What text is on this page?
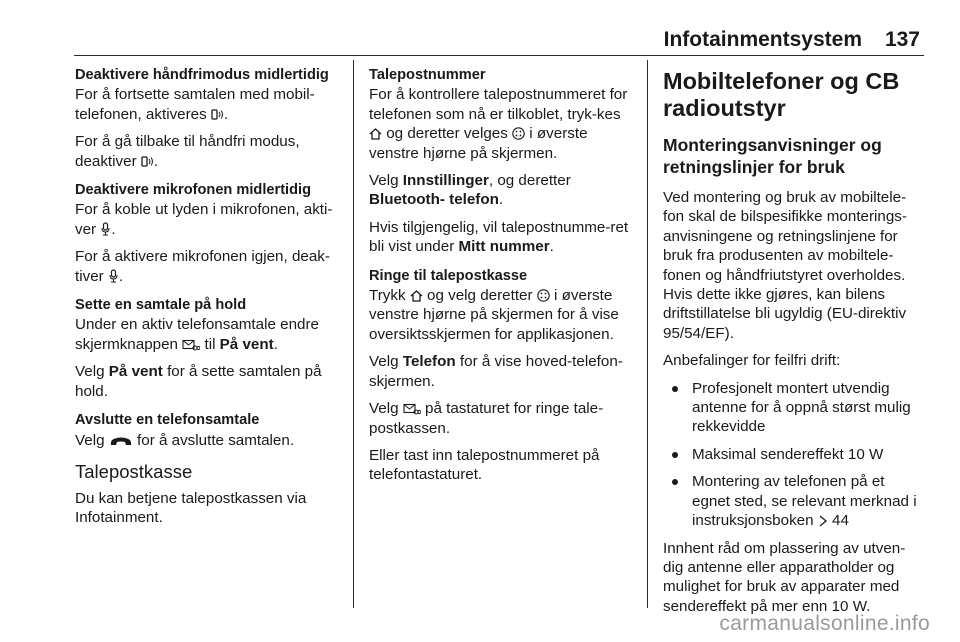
Infotainmentsystem 137

Deaktivere håndfrimodus midlertidig

For å fortsette samtalen med mobil-telefonen, aktiveres .

For å gå tilbake til håndfri modus, deaktiver .

Deaktivere mikrofonen midlertidig

For å koble ut lyden i mikrofonen, akti-ver .

For å aktivere mikrofonen igjen, deak-tiver .

Sette en samtale på hold

Under en aktiv telefonsamtale endre skjermknappen til På vent.

Velg På vent for å sette samtalen på hold.

Avslutte en telefonsamtale

Velg for å avslutte samtalen.

Talepostkasse

Du kan betjene talepostkassen via Infotainment.

Talepostnummer

For å kontrollere talepostnummeret for telefonen som nå er tilkoblet, tryk-kes  og deretter velges i øverste venstre hjørne på skjermen.

Velg Innstillinger, og deretter
Bluetooth- telefon.

Hvis tilgjengelig, vil talepostnumme-ret bli vist under Mitt nummer.

Ringe til talepostkasse

Trykk og velg deretter i øverste venstre hjørne på skjermen for å vise oversiktsskjermen for applikasjonen.

Velg Telefon for å vise hoved-telefon-skjermen.

Velg på tastaturet for ringe tale-postkassen.

Eller tast inn talepostnummeret på telefontastaturet.

Mobiltelefoner og CB radioutstyr

Monteringsanvisninger og retningslinjer for bruk

Ved montering og bruk av mobiltele-fon skal de bilspesifikke monterings-anvisningene og retningslinjene for bruk fra produsenten av mobiltele-fonen og håndfriutstyret overholdes. Hvis dette ikke gjøres, kan bilens driftstillatelse bli ugyldig (EU-direktiv 95/54/EF).

Anbefalinger for feilfri drift:

Profesjonelt montert utvendig antenne for å oppnå størst mulig rekkevidde
Maksimal sendereffekt 10 W
Montering av telefonen på et egnet sted, se relevant merknad i instruksjonsboken 44

Innhent råd om plassering av utven-dig antenne eller apparatholder og mulighet for bruk av apparater med sendereffekt på mer enn 10 W.

carmanualsonline.info
